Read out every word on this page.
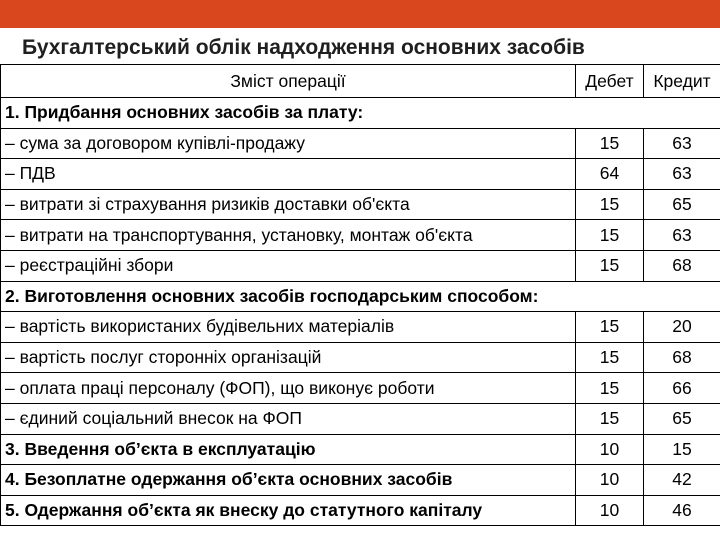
Бухгалтерський облік надходження основних засобів
Зміст операції	Дебет	Кредит
1. Придбання основних засобів за плату:		
– сума за договором купівлі-продажу	15	63
– ПДВ	64	63
– витрати зі страхування ризиків доставки об'єкта	15	65
– витрати на транспортування, установку, монтаж об'єкта	15	63
– реєстраційні збори	15	68
2. Виготовлення основних засобів господарським способом:		
– вартість використаних будівельних матеріалів	15	20
– вартість послуг сторонніх організацій	15	68
– оплата праці персоналу (ФОП), що виконує роботи	15	66
– єдиний соціальний внесок на ФОП	15	65
3. Введення об’єкта в експлуатацію	10	15
4. Безоплатне одержання об’єкта основних засобів	10	42
5. Одержання об’єкта як внеску до статутного капіталу	10	46
